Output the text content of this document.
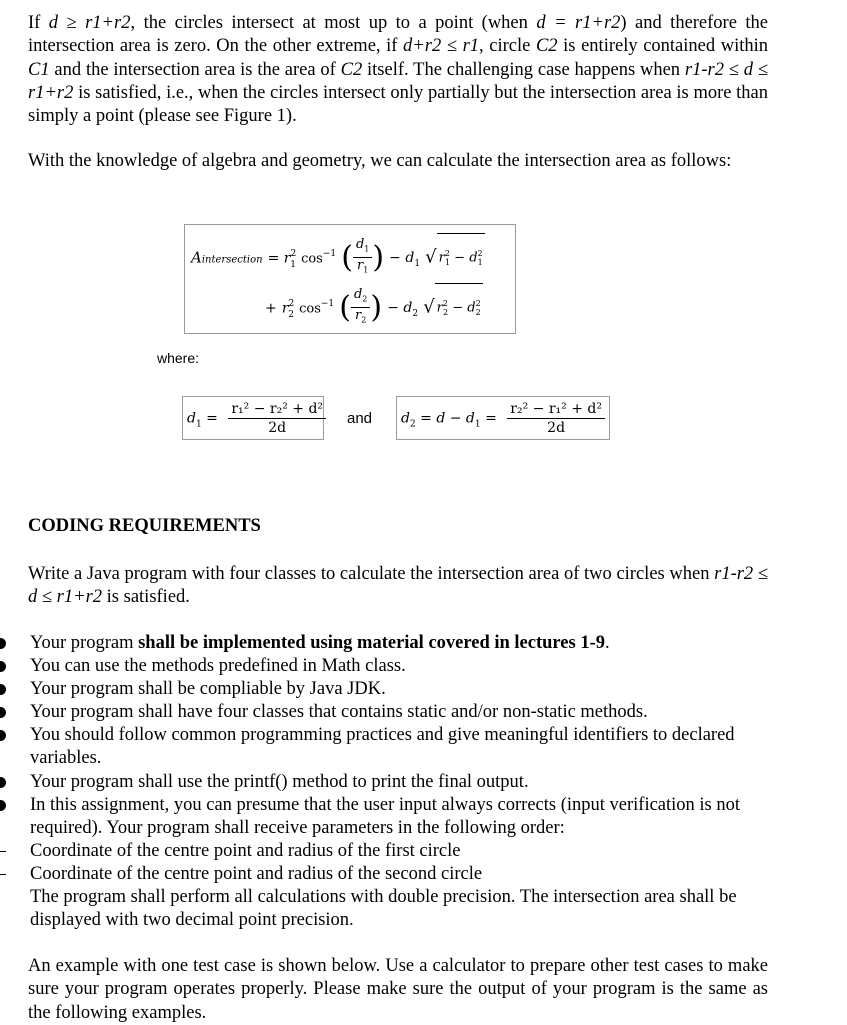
If d ≥ r1+r2, the circles intersect at most up to a point (when d = r1+r2) and therefore the intersection area is zero. On the other extreme, if d+r2 ≤ r1, circle C2 is entirely contained within C1 and the intersection area is the area of C2 itself. The challenging case happens when r1-r2 ≤ d ≤ r1+r2 is satisfied, i.e., when the circles intersect only partially but the intersection area is more than simply a point (please see Figure 1).

With the knowledge of algebra and geometry, we can calculate the intersection area as follows:

Aintersection = $r^2_1$ $\cos^{-1}$ ( $\frac{d_1}{r_1}$ ) − $d_1$ √ $r^2_1 - d^2_1$
+ $r^2_2$ $\cos^{-1}$ ( $\frac{d_2}{r_2}$ ) − $d_2$ √ $r^2_2 - d^2_2$
where:
$d_1 = \frac{\text{r₁² − r₂² + d²}}{2d}$ and $d_2 = d - d_1 = \frac{\text{r₂² − r₁² + d²}}{2d}$
CODING REQUIREMENTS

Write a Java program with four classes to calculate the intersection area of two circles when r1-r2 ≤ d ≤ r1+r2 is satisfied.

Your program shall be implemented using material covered in lectures 1-9.
You can use the methods predefined in Math class.
Your program shall be compliable by Java JDK.
Your program shall have four classes that contains static and/or non-static methods.
You should follow common programming practices and give meaningful identifiers to declared variables.
Your program shall use the printf() method to print the final output.
In this assignment, you can presume that the user input always corrects (input verification is not required). Your program shall receive parameters in the following order:
Coordinate of the centre point and radius of the first circle
Coordinate of the centre point and radius of the second circle
The program shall perform all calculations with double precision. The intersection area shall be displayed with two decimal point precision.

An example with one test case is shown below. Use a calculator to prepare other test cases to make sure your program operates properly. Please make sure the output of your program is the same as the following examples.
